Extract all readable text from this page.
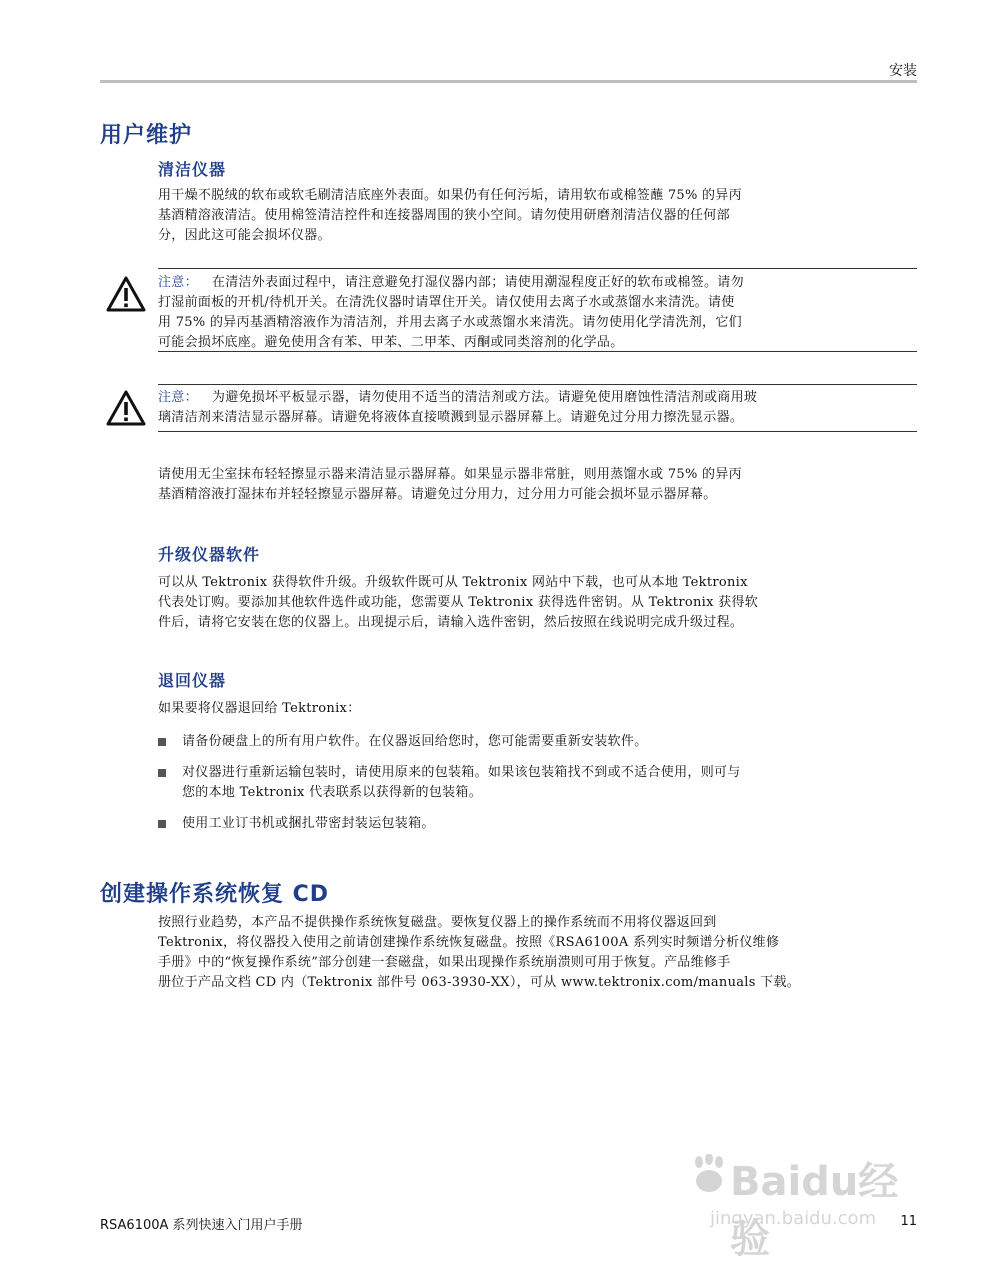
安装
用户维护
清洁仪器
用干燥不脱绒的软布或软毛刷清洁底座外表面。如果仍有任何污垢，请用软布或棉签蘸 75% 的异丙
基酒精溶液清洁。使用棉签清洁控件和连接器周围的狭小空间。请勿使用研磨剂清洁仪器的任何部
分，因此这可能会损坏仪器。
注意： 在清洁外表面过程中，请注意避免打湿仪器内部；请使用潮湿程度正好的软布或棉签。请勿
打湿前面板的开机/待机开关。在清洗仪器时请罩住开关。请仅使用去离子水或蒸馏水来清洗。请使
用 75% 的异丙基酒精溶液作为清洁剂，并用去离子水或蒸馏水来清洗。请勿使用化学清洗剂，它们
可能会损坏底座。避免使用含有苯、甲苯、二甲苯、丙酮或同类溶剂的化学品。
注意： 为避免损坏平板显示器，请勿使用不适当的清洁剂或方法。请避免使用磨蚀性清洁剂或商用玻
璃清洁剂来清洁显示器屏幕。请避免将液体直接喷溅到显示器屏幕上。请避免过分用力擦洗显示器。
请使用无尘室抹布轻轻擦显示器来清洁显示器屏幕。如果显示器非常脏，则用蒸馏水或 75% 的异丙
基酒精溶液打湿抹布并轻轻擦显示器屏幕。请避免过分用力，过分用力可能会损坏显示器屏幕。
升级仪器软件
可以从 Tektronix 获得软件升级。升级软件既可从 Tektronix 网站中下载，也可从本地 Tektronix
代表处订购。要添加其他软件选件或功能，您需要从 Tektronix 获得选件密钥。从 Tektronix 获得软
件后，请将它安装在您的仪器上。出现提示后，请输入选件密钥，然后按照在线说明完成升级过程。
退回仪器
如果要将仪器退回给 Tektronix：
请备份硬盘上的所有用户软件。在仪器返回给您时，您可能需要重新安装软件。
对仪器进行重新运输包装时，请使用原来的包装箱。如果该包装箱找不到或不适合使用，则可与
您的本地 Tektronix 代表联系以获得新的包装箱。
使用工业订书机或捆扎带密封装运包装箱。
创建操作系统恢复 CD
按照行业趋势，本产品不提供操作系统恢复磁盘。要恢复仪器上的操作系统而不用将仪器返回到
Tektronix，将仪器投入使用之前请创建操作系统恢复磁盘。按照《RSA6100A 系列实时频谱分析仪维修
手册》中的“恢复操作系统”部分创建一套磁盘，如果出现操作系统崩溃则可用于恢复。产品维修手
册位于产品文档 CD 内（Tektronix 部件号 063-3930-XX），可从 www.tektronix.com/manuals 下载。
Baidu经验
jingyan.baidu.com
RSA6100A 系列快速入门用户手册	11
